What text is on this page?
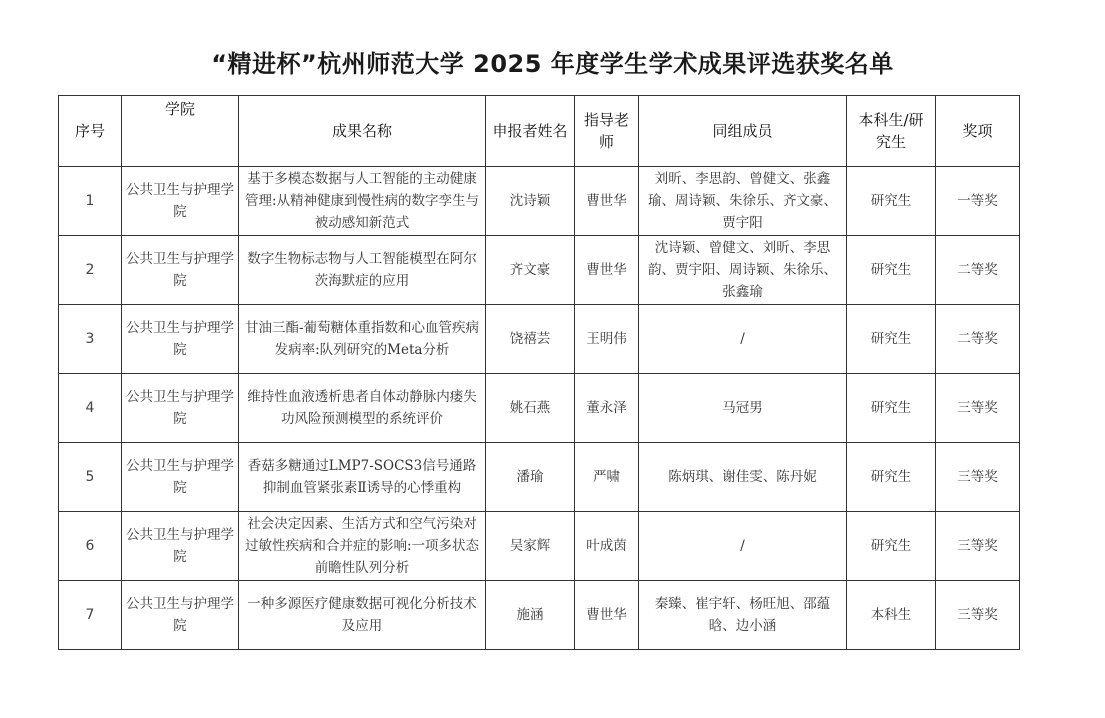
“精进杯”杭州师范大学 2025 年度学生学术成果评选获奖名单
序号	学院	成果名称	申报者姓名	指导老师	同组成员	本科生/研究生	奖项
1	公共卫生与护理学院	基于多模态数据与人工智能的主动健康管理:从精神健康到慢性病的数字孪生与被动感知新范式	沈诗颖	曹世华	刘昕、李思韵、曾健文、张鑫瑜、周诗颖、朱徐乐、齐文豪、贾宇阳	研究生	一等奖
2	公共卫生与护理学院	数字生物标志物与人工智能模型在阿尔茨海默症的应用	齐文豪	曹世华	沈诗颖、曾健文、刘昕、李思韵、贾宇阳、周诗颖、朱徐乐、张鑫瑜	研究生	二等奖
3	公共卫生与护理学院	甘油三酯-葡萄糖体重指数和心血管疾病发病率:队列研究的Meta分析	饶禧芸	王明伟	/	研究生	二等奖
4	公共卫生与护理学院	维持性血液透析患者自体动静脉内瘘失功风险预测模型的系统评价	姚石燕	董永泽	马冠男	研究生	三等奖
5	公共卫生与护理学院	香菇多糖通过LMP7-SOCS3信号通路抑制血管紧张素Ⅱ诱导的心悸重构	潘瑜	严啸	陈炳琪、谢佳雯、陈丹妮	研究生	三等奖
6	公共卫生与护理学院	社会决定因素、生活方式和空气污染对过敏性疾病和合并症的影响:一项多状态前瞻性队列分析	吴家辉	叶成茵	/	研究生	三等奖
7	公共卫生与护理学院	一种多源医疗健康数据可视化分析技术及应用	施涵	曹世华	秦臻、崔宇轩、杨旺旭、邵蕴晗、边小涵	本科生	三等奖
